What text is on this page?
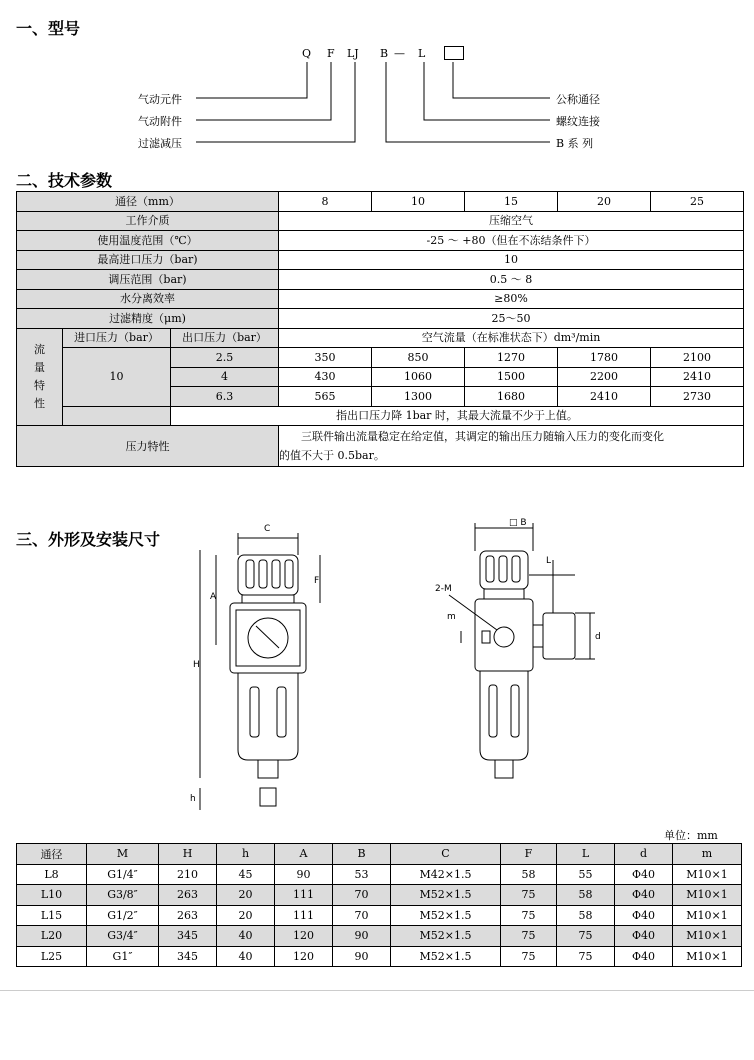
一、型号
Q F LJ B — L
气动元件
气动附件
过滤减压
公称通径
螺纹连接
B 系 列
二、技术参数
通径（mm）			8	10	15	20	25
工作介质			压缩空气				
使用温度范围（℃）			-25 ～ +80（但在不冻结条件下）				
最高进口压力（bar)			10				
调压范围（bar)			0.5 ～ 8				
水分离效率			≥80%				
过滤精度（μm)			25～50				
流
量
特
性	进口压力（bar）	出口压力（bar）	空气流量（在标准状态下）dm³/min				
	10	2.5	350	850	1270	1780	2100
		4	430	1060	1500	2200	2410
		6.3	565	1300	1680	2410	2730
		指出口压力降 1bar 时，其最大流量不少于上值。					
压力特性			三联件输出流量稳定在给定值，其调定的输出压力随输入压力的变化而变化
的值不大于 0.5bar。				
三、外形及安装尺寸
C
A
H
F
h
□ B
L
2-M
m
d
单位：mm
通径	M	H	h	A	B	C	F	L	d	m
L8	G1/4″	210	45	90	53	M42×1.5	58	55	Φ40	M10×1
L10	G3/8″	263	20	111	70	M52×1.5	75	58	Φ40	M10×1
L15	G1/2″	263	20	111	70	M52×1.5	75	58	Φ40	M10×1
L20	G3/4″	345	40	120	90	M52×1.5	75	75	Φ40	M10×1
L25	G1″	345	40	120	90	M52×1.5	75	75	Φ40	M10×1
